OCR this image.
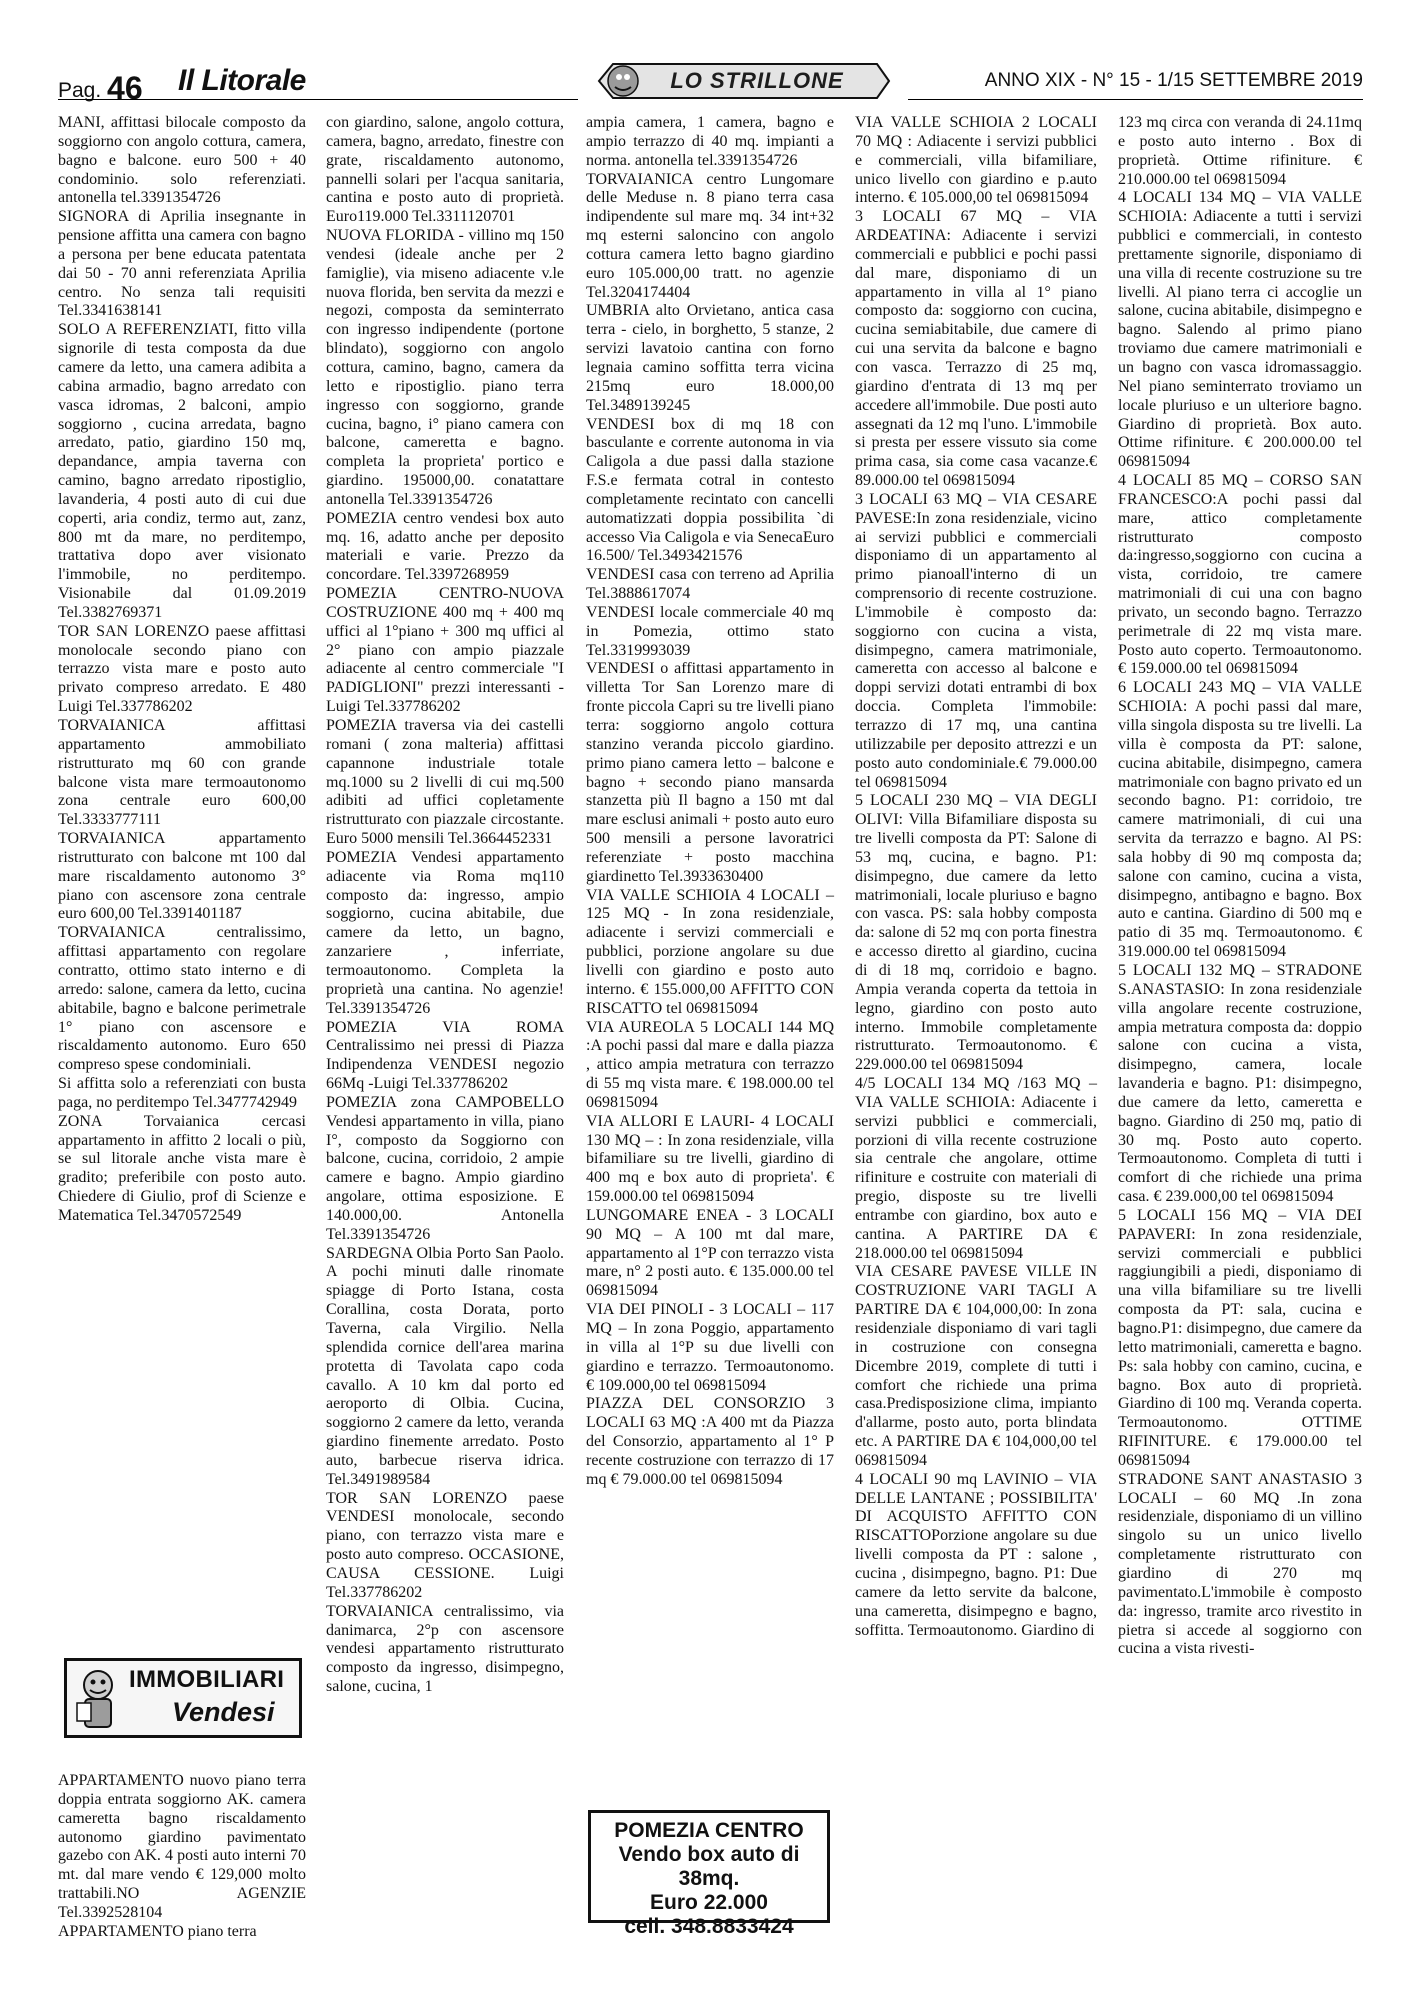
Pag. 46 Il Litorale	LO STRILLONE	ANNO XIX - N° 15 - 1/15 SETTEMBRE 2019

MANI, affittasi bilocale composto da soggiorno con angolo cottura, camera, bagno e balcone. euro 500 + 40 condominio. solo referenziati. antonella tel.3391354726

SIGNORA di Aprilia insegnante in pensione affitta una camera con bagno a persona per bene educata patentata dai 50 - 70 anni referenziata Aprilia centro. No senza tali requisiti Tel.3341638141

SOLO A REFERENZIATI, fitto villa signorile di testa composta da due camere da letto, una camera adibita a cabina armadio, bagno arredato con vasca idromas, 2 balconi, ampio soggiorno , cucina arredata, bagno arredato, patio, giardino 150 mq, depandance, ampia taverna con camino, bagno arredato ripostiglio, lavanderia, 4 posti auto di cui due coperti, aria condiz, termo aut, zanz, 800 mt da mare, no perditempo, trattativa dopo aver visionato l'immobile, no perditempo. Visionabile dal 01.09.2019 Tel.3382769371

TOR SAN LORENZO paese affittasi monolocale secondo piano con terrazzo vista mare e posto auto privato compreso arredato. E 480 Luigi Tel.337786202

TORVAIANICA affittasi appartamento ammobiliato ristrutturato mq 60 con grande balcone vista mare termoautonomo zona centrale euro 600,00 Tel.3333777111

TORVAIANICA appartamento ristrutturato con balcone mt 100 dal mare riscaldamento autonomo 3° piano con ascensore zona centrale euro 600,00 Tel.3391401187

TORVAIANICA centralissimo, affittasi appartamento con regolare contratto, ottimo stato interno e di arredo: salone, camera da letto, cucina abitabile, bagno e balcone perimetrale 1° piano con ascensore e riscaldamento autonomo. Euro 650 compreso spese condominiali.

Si affitta solo a referenziati con busta paga, no perditempo Tel.3477742949

ZONA Torvaianica cercasi appartamento in affitto 2 locali o più, se sul litorale anche vista mare è gradito; preferibile con posto auto. Chiedere di Giulio, prof di Scienze e Matematica Tel.3470572549

IMMOBILIARI
Vendesi

APPARTAMENTO nuovo piano terra doppia entrata soggiorno AK. camera cameretta bagno riscaldamento autonomo giardino pavimentato gazebo con AK. 4 posti auto interni 70 mt. dal mare vendo € 129,000 molto trattabili.NO AGENZIE Tel.3392528104

APPARTAMENTO piano terra

con giardino, salone, angolo cottura, camera, bagno, arredato, finestre con grate, riscaldamento autonomo, pannelli solari per l'acqua sanitaria, cantina e posto auto di proprietà. Euro119.000 Tel.3311120701

NUOVA FLORIDA - villino mq 150 vendesi (ideale anche per 2 famiglie), via miseno adiacente v.le nuova florida, ben servita da mezzi e negozi, composta da seminterrato con ingresso indipendente (portone blindato), soggiorno con angolo cottura, camino, bagno, camera da letto e ripostiglio. piano terra ingresso con soggiorno, grande cucina, bagno, i° piano camera con balcone, cameretta e bagno. completa la proprieta' portico e giardino. 195000,00. conatattare antonella Tel.3391354726

POMEZIA centro vendesi box auto mq. 16, adatto anche per deposito materiali e varie. Prezzo da concordare. Tel.3397268959

POMEZIA CENTRO-NUOVA COSTRUZIONE 400 mq + 400 mq uffici al 1°piano + 300 mq uffici al 2° piano con ampio piazzale adiacente al centro commerciale "I PADIGLIONI" prezzi interessanti -Luigi Tel.337786202

POMEZIA traversa via dei castelli romani ( zona malteria) affittasi capannone industriale totale mq.1000 su 2 livelli di cui mq.500 adibiti ad uffici copletamente ristrutturato con piazzale circostante. Euro 5000 mensili Tel.3664452331

POMEZIA Vendesi appartamento adiacente via Roma mq110 composto da: ingresso, ampio soggiorno, cucina abitabile, due camere da letto, un bagno, zanzariere , inferriate, termoautonomo. Completa la proprietà una cantina. No agenzie! Tel.3391354726

POMEZIA VIA ROMA Centralissimo nei pressi di Piazza Indipendenza VENDESI negozio 66Mq -Luigi Tel.337786202

POMEZIA zona CAMPOBELLO Vendesi appartamento in villa, piano I°, composto da Soggiorno con balcone, cucina, corridoio, 2 ampie camere e bagno. Ampio giardino angolare, ottima esposizione. E 140.000,00. Antonella Tel.3391354726

SARDEGNA Olbia Porto San Paolo. A pochi minuti dalle rinomate spiagge di Porto Istana, costa Corallina, costa Dorata, porto Taverna, cala Virgilio. Nella splendida cornice dell'area marina protetta di Tavolata capo coda cavallo. A 10 km dal porto ed aeroporto di Olbia. Cucina, soggiorno 2 camere da letto, veranda giardino finemente arredato. Posto auto, barbecue riserva idrica. Tel.3491989584

TOR SAN LORENZO paese VENDESI monolocale, secondo piano, con terrazzo vista mare e posto auto compreso. OCCASIONE, CAUSA CESSIONE. Luigi Tel.337786202

TORVAIANICA centralissimo, via danimarca, 2°p con ascensore vendesi appartamento ristrutturato composto da ingresso, disimpegno, salone, cucina, 1

ampia camera, 1 camera, bagno e ampio terrazzo di 40 mq. impianti a norma. antonella tel.3391354726

TORVAIANICA centro Lungomare delle Meduse n. 8 piano terra casa indipendente sul mare mq. 34 int+32 mq esterni saloncino con angolo cottura camera letto bagno giardino euro 105.000,00 tratt. no agenzie Tel.3204174404

UMBRIA alto Orvietano, antica casa terra - cielo, in borghetto, 5 stanze, 2 servizi lavatoio cantina con forno legnaia camino soffitta terra vicina 215mq euro 18.000,00 Tel.3489139245

VENDESI box di mq 18 con basculante e corrente autonoma in via Caligola a due passi dalla stazione F.S.e fermata cotral in contesto completamente recintato con cancelli automatizzati doppia possibilita `di accesso Via Caligola e via SenecaEuro 16.500/ Tel.3493421576

VENDESI casa con terreno ad Aprilia Tel.3888617074

VENDESI locale commerciale 40 mq in Pomezia, ottimo stato Tel.3319993039

VENDESI o affittasi appartamento in villetta Tor San Lorenzo mare di fronte piccola Capri su tre livelli piano terra: soggiorno angolo cottura stanzino veranda piccolo giardino. primo piano camera letto – balcone e bagno + secondo piano mansarda stanzetta più Il bagno a 150 mt dal mare esclusi animali + posto auto euro 500 mensili a persone lavoratrici referenziate + posto macchina giardinetto Tel.3933630400

VIA VALLE SCHIOIA 4 LOCALI – 125 MQ - In zona residenziale, adiacente i servizi commerciali e pubblici, porzione angolare su due livelli con giardino e posto auto interno. € 155.000,00 AFFITTO CON RISCATTO tel 069815094

VIA AUREOLA 5 LOCALI 144 MQ :A pochi passi dal mare e dalla piazza , attico ampia metratura con terrazzo di 55 mq vista mare. € 198.000.00 tel 069815094

VIA ALLORI E LAURI- 4 LOCALI 130 MQ – : In zona residenziale, villa bifamiliare su tre livelli, giardino di 400 mq e box auto di proprieta'. € 159.000.00 tel 069815094

LUNGOMARE ENEA - 3 LOCALI 90 MQ – A 100 mt dal mare, appartamento al 1°P con terrazzo vista mare, n° 2 posti auto. € 135.000.00 tel 069815094

VIA DEI PINOLI - 3 LOCALI – 117 MQ – In zona Poggio, appartamento in villa al 1°P su due livelli con giardino e terrazzo. Termoautonomo. € 109.000,00 tel 069815094

PIAZZA DEL CONSORZIO 3 LOCALI 63 MQ :A 400 mt da Piazza del Consorzio, appartamento al 1° P recente costruzione con terrazzo di 17 mq € 79.000.00 tel 069815094

POMEZIA CENTRO
Vendo box auto di 38mq.
Euro 22.000
cell. 348.8833424

VIA VALLE SCHIOIA 2 LOCALI 70 MQ : Adiacente i servizi pubblici e commerciali, villa bifamiliare, unico livello con giardino e p.auto interno. € 105.000,00 tel 069815094

3 LOCALI 67 MQ – VIA ARDEATINA: Adiacente i servizi commerciali e pubblici e pochi passi dal mare, disponiamo di un appartamento in villa al 1° piano composto da: soggiorno con cucina, cucina semiabitabile, due camere di cui una servita da balcone e bagno con vasca. Terrazzo di 25 mq, giardino d'entrata di 13 mq per accedere all'immobile. Due posti auto assegnati da 12 mq l'uno. L'immobile si presta per essere vissuto sia come prima casa, sia come casa vacanze.€ 89.000.00 tel 069815094

3 LOCALI 63 MQ – VIA CESARE PAVESE:In zona residenziale, vicino ai servizi pubblici e commerciali disponiamo di un appartamento al primo pianoall'interno di un comprensorio di recente costruzione. L'immobile è composto da: soggiorno con cucina a vista, disimpegno, camera matrimoniale, cameretta con accesso al balcone e doppi servizi dotati entrambi di box doccia. Completa l'immobile: terrazzo di 17 mq, una cantina utilizzabile per deposito attrezzi e un posto auto condominiale.€ 79.000.00 tel 069815094

5 LOCALI 230 MQ – VIA DEGLI OLIVI: Villa Bifamiliare disposta su tre livelli composta da PT: Salone di 53 mq, cucina, e bagno. P1: disimpegno, due camere da letto matrimoniali, locale pluriuso e bagno con vasca. PS: sala hobby composta da: salone di 52 mq con porta finestra e accesso diretto al giardino, cucina di di 18 mq, corridoio e bagno. Ampia veranda coperta da tettoia in legno, giardino con posto auto interno. Immobile completamente ristrutturato. Termoautonomo. € 229.000.00 tel 069815094

4/5 LOCALI 134 MQ /163 MQ – VIA VALLE SCHIOIA: Adiacente i servizi pubblici e commerciali, porzioni di villa recente costruzione sia centrale che angolare, ottime rifiniture e costruite con materiali di pregio, disposte su tre livelli entrambe con giardino, box auto e cantina. A PARTIRE DA € 218.000.00 tel 069815094

VIA CESARE PAVESE VILLE IN COSTRUZIONE VARI TAGLI A PARTIRE DA € 104,000,00: In zona residenziale disponiamo di vari tagli in costruzione con consegna Dicembre 2019, complete di tutti i comfort che richiede una prima casa.Predisposizione clima, impianto d'allarme, posto auto, porta blindata etc. A PARTIRE DA € 104,000,00 tel 069815094

4 LOCALI 90 mq LAVINIO – VIA DELLE LANTANE ; POSSIBILITA' DI ACQUISTO AFFITTO CON RISCATTOPorzione angolare su due livelli composta da PT : salone , cucina , disimpegno, bagno. P1: Due camere da letto servite da balcone, una cameretta, disimpegno e bagno, soffitta. Termoautonomo. Giardino di

123 mq circa con veranda di 24.11mq e posto auto interno . Box di proprietà. Ottime rifiniture. € 210.000.00 tel 069815094

4 LOCALI 134 MQ – VIA VALLE SCHIOIA: Adiacente a tutti i servizi pubblici e commerciali, in contesto prettamente signorile, disponiamo di una villa di recente costruzione su tre livelli. Al piano terra ci accoglie un salone, cucina abitabile, disimpegno e bagno. Salendo al primo piano troviamo due camere matrimoniali e un bagno con vasca idromassaggio. Nel piano seminterrato troviamo un locale pluriuso e un ulteriore bagno. Giardino di proprietà. Box auto. Ottime rifiniture. € 200.000.00 tel 069815094

4 LOCALI 85 MQ – CORSO SAN FRANCESCO:A pochi passi dal mare, attico completamente ristrutturato composto da:ingresso,soggiorno con cucina a vista, corridoio, tre camere matrimoniali di cui una con bagno privato, un secondo bagno. Terrazzo perimetrale di 22 mq vista mare. Posto auto coperto. Termoautonomo.€ 159.000.00 tel 069815094

6 LOCALI 243 MQ – VIA VALLE SCHIOIA: A pochi passi dal mare, villa singola disposta su tre livelli. La villa è composta da PT: salone, cucina abitabile, disimpegno, camera matrimoniale con bagno privato ed un secondo bagno. P1: corridoio, tre camere matrimoniali, di cui una servita da terrazzo e bagno. Al PS: sala hobby di 90 mq composta da; salone con camino, cucina a vista, disimpegno, antibagno e bagno. Box auto e cantina. Giardino di 500 mq e patio di 35 mq. Termoautonomo. € 319.000.00 tel 069815094

5 LOCALI 132 MQ – STRADONE S.ANASTASIO: In zona residenziale villa angolare recente costruzione, ampia metratura composta da: doppio salone con cucina a vista, disimpegno, camera, locale lavanderia e bagno. P1: disimpegno, due camere da letto, cameretta e bagno. Giardino di 250 mq, patio di 30 mq. Posto auto coperto. Termoautonomo. Completa di tutti i comfort di che richiede una prima casa. € 239.000,00 tel 069815094

5 LOCALI 156 MQ – VIA DEI PAPAVERI: In zona residenziale, servizi commerciali e pubblici raggiungibili a piedi, disponiamo di una villa bifamiliare su tre livelli composta da PT: sala, cucina e bagno.P1: disimpegno, due camere da letto matrimoniali, cameretta e bagno. Ps: sala hobby con camino, cucina, e bagno. Box auto di proprietà. Giardino di 100 mq. Veranda coperta. Termoautonomo. OTTIME RIFINITURE. € 179.000.00 tel 069815094

STRADONE SANT ANASTASIO 3 LOCALI – 60 MQ .In zona residenziale, disponiamo di un villino singolo su un unico livello completamente ristrutturato con giardino di 270 mq pavimentato.L'immobile è composto da: ingresso, tramite arco rivestito in pietra si accede al soggiorno con cucina a vista rivesti-
